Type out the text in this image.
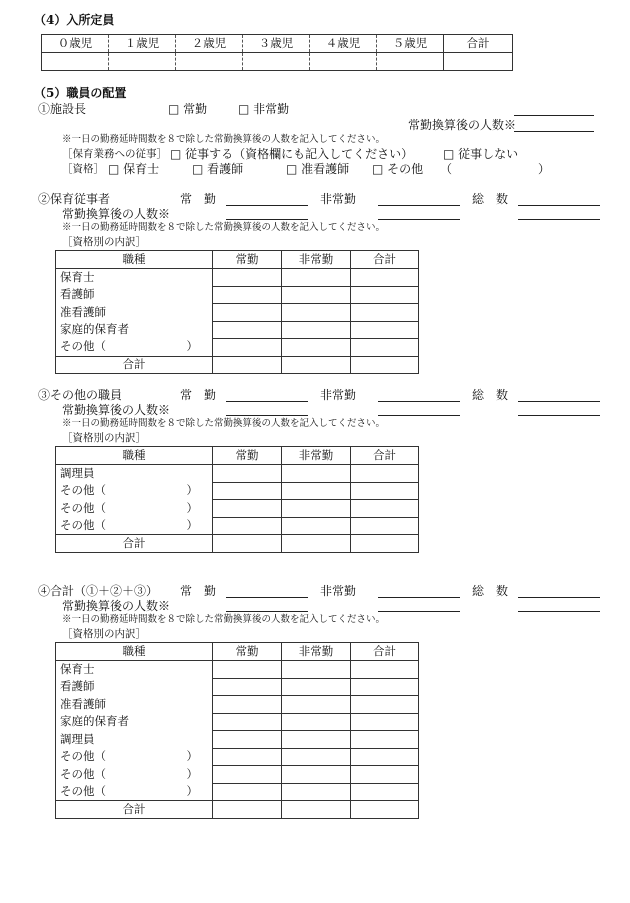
（4）入所定員
０歳児	１歳児	２歳児	３歳児	４歳児	５歳児	合計

（5）職員の配置
①施設長	□ 常勤	□ 非常勤
常勤換算後の人数※
※一日の勤務延時間数を８で除した常勤換算後の人数を記入してください。
［保育業務への従事］ □ 従事する（資格欄にも記入してください） □ 従事しない
［資格］ □ 保育士	□ 看護師	□ 准看護師 □ その他 （	）
②保育従事者	常　勤	非常勤	総　数
常勤換算後の人数※
※一日の勤務延時間数を８で除した常勤換算後の人数を記入してください。
［資格別の内訳］
職種	常勤	非常勤	合計
保育士			
看護師			
准看護師			
家庭的保育者			
その他（　　　　　　　）			
合計			
③その他の職員	常　勤	非常勤	総　数
常勤換算後の人数※
※一日の勤務延時間数を８で除した常勤換算後の人数を記入してください。
［資格別の内訳］
職種	常勤	非常勤	合計
調理員			
その他（　　　　　　　）			
その他（　　　　　　　）			
その他（　　　　　　　）			
合計			
④合計（①＋②＋③） 常　勤	非常勤	総　数
常勤換算後の人数※
※一日の勤務延時間数を８で除した常勤換算後の人数を記入してください。
［資格別の内訳］
職種	常勤	非常勤	合計
保育士			
看護師			
准看護師			
家庭的保育者			
調理員			
その他（　　　　　　　）			
その他（　　　　　　　）			
その他（　　　　　　　）			
合計			
